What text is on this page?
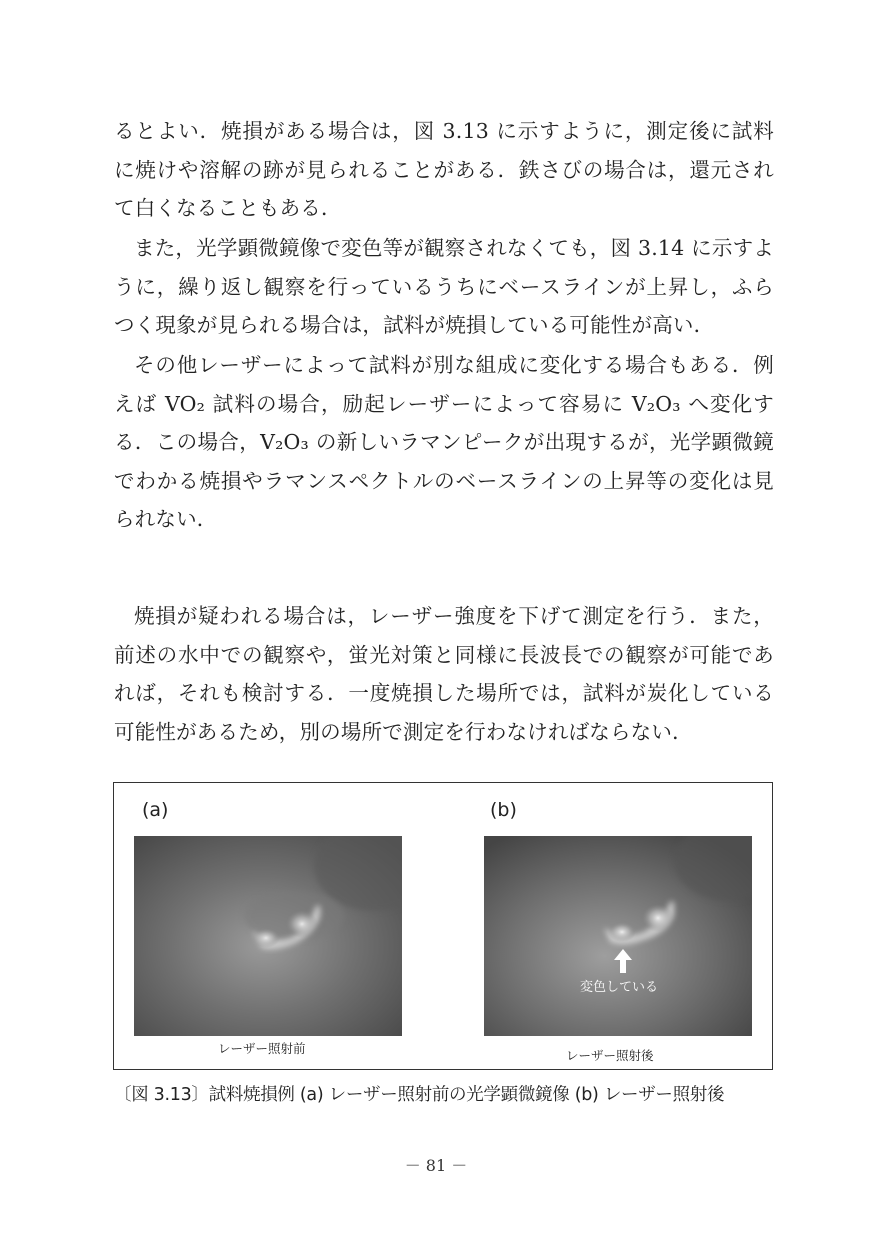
るとよい．焼損がある場合は，図 3.13 に示すように，測定後に試料に焼けや溶解の跡が見られることがある．鉄さびの場合は，還元されて白くなることもある．

また，光学顕微鏡像で変色等が観察されなくても，図 3.14 に示すように，繰り返し観察を行っているうちにベースラインが上昇し，ふらつく現象が見られる場合は，試料が焼損している可能性が高い．

その他レーザーによって試料が別な組成に変化する場合もある．例えば VO₂ 試料の場合，励起レーザーによって容易に V₂O₃ へ変化する．この場合，V₂O₃ の新しいラマンピークが出現するが，光学顕微鏡でわかる焼損やラマンスペクトルのベースラインの上昇等の変化は見られない．

焼損が疑われる場合は，レーザー強度を下げて測定を行う．また，前述の水中での観察や，蛍光対策と同様に長波長での観察が可能であれば，それも検討する．一度焼損した場所では，試料が炭化している可能性があるため，別の場所で測定を行わなければならない．

(a)	(b)
変色している
レーザー照射前	レーザー照射後
〔図 3.13〕試料焼損例 (a) レーザー照射前の光学顕微鏡像 (b) レーザー照射後
－ 81 －
